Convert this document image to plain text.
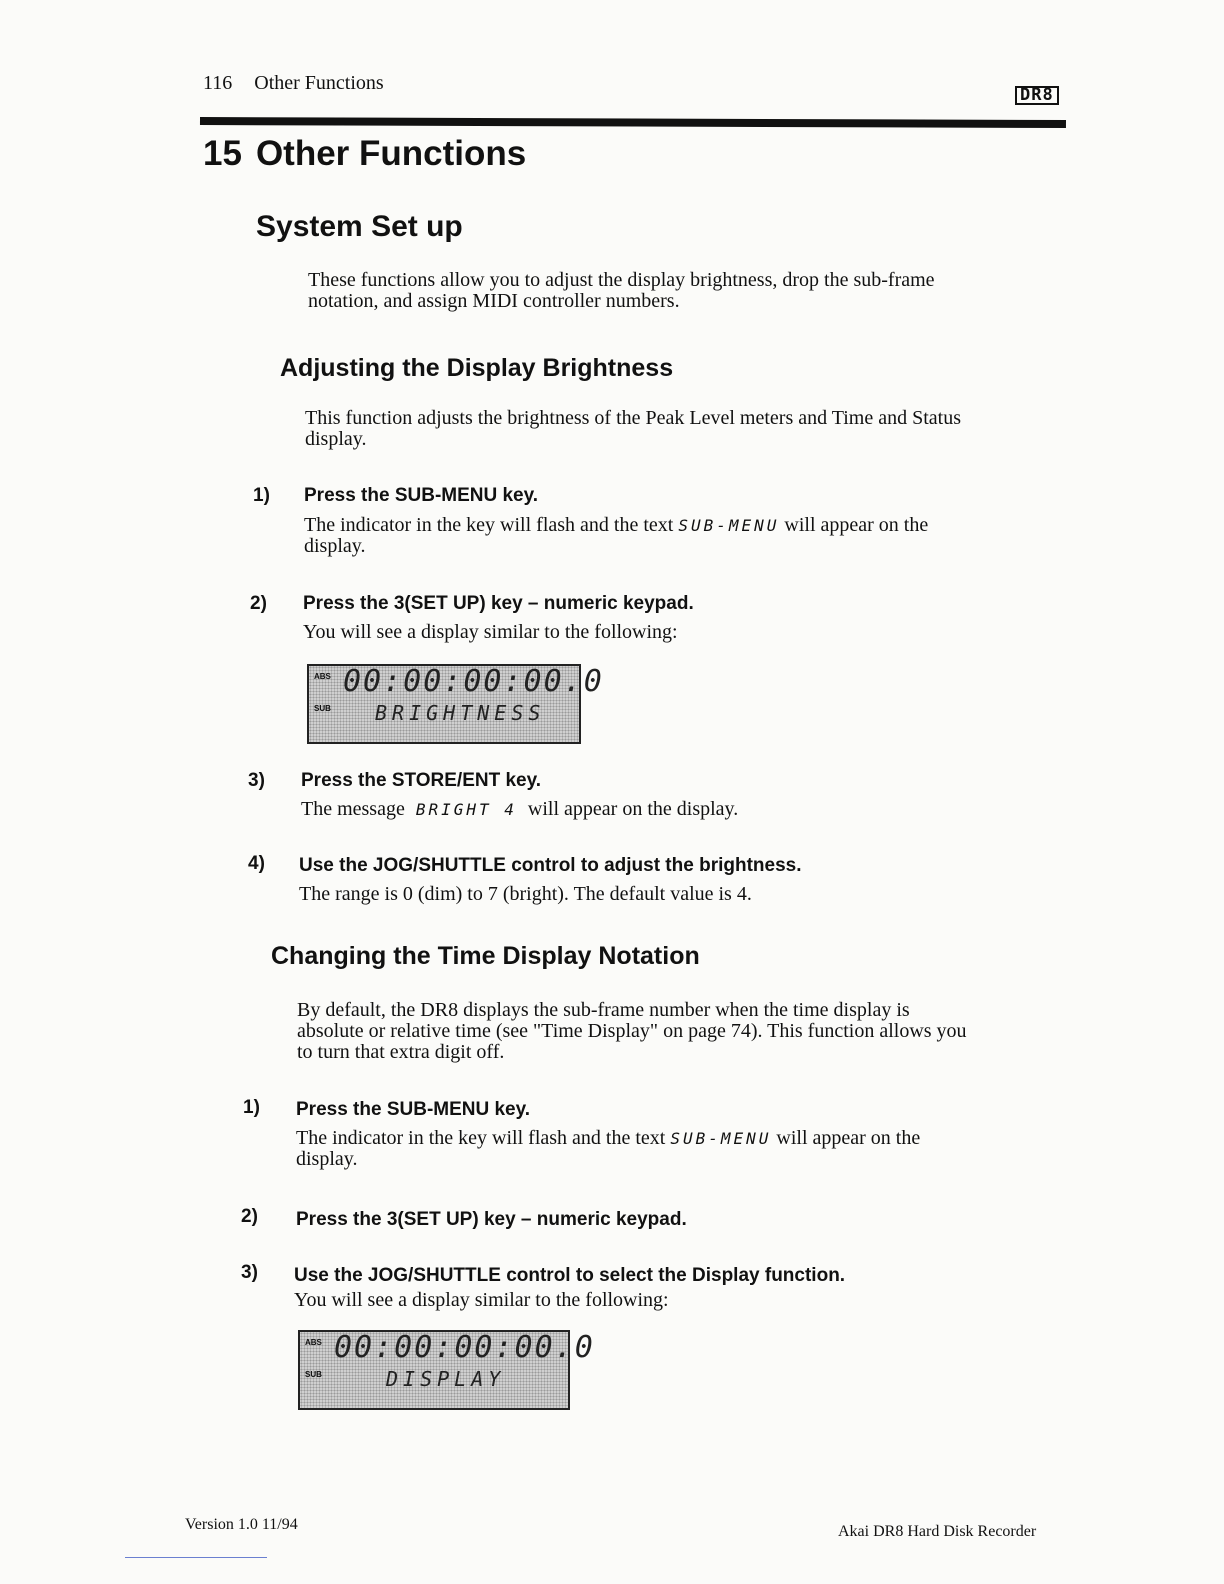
116 Other Functions
DR8
15 Other Functions
System Set up
These functions allow you to adjust the display brightness, drop the sub-frame
notation, and assign MIDI controller numbers.
Adjusting the Display Brightness
This function adjusts the brightness of the Peak Level meters and Time and Status
display.
1) Press the SUB-MENU key.
The indicator in the key will flash and the text SUB-MENU will appear on the
display.
2) Press the 3(SET UP) key – numeric keypad.
You will see a display similar to the following:
ABS
SUB
00:00:00:00.0
BRIGHTNESS
3) Press the STORE/ENT key.
The message BRIGHT 4 will appear on the display.
4) Use the JOG/SHUTTLE control to adjust the brightness.
The range is 0 (dim) to 7 (bright). The default value is 4.
Changing the Time Display Notation
By default, the DR8 displays the sub-frame number when the time display is
absolute or relative time (see "Time Display" on page 74). This function allows you
to turn that extra digit off.
1) Press the SUB-MENU key.
The indicator in the key will flash and the text SUB-MENU will appear on the
display.
2) Press the 3(SET UP) key – numeric keypad.
3) Use the JOG/SHUTTLE control to select the Display function.
You will see a display similar to the following:
ABS
SUB
00:00:00:00.0
DISPLAY
Version 1.0 11/94	Akai DR8 Hard Disk Recorder
